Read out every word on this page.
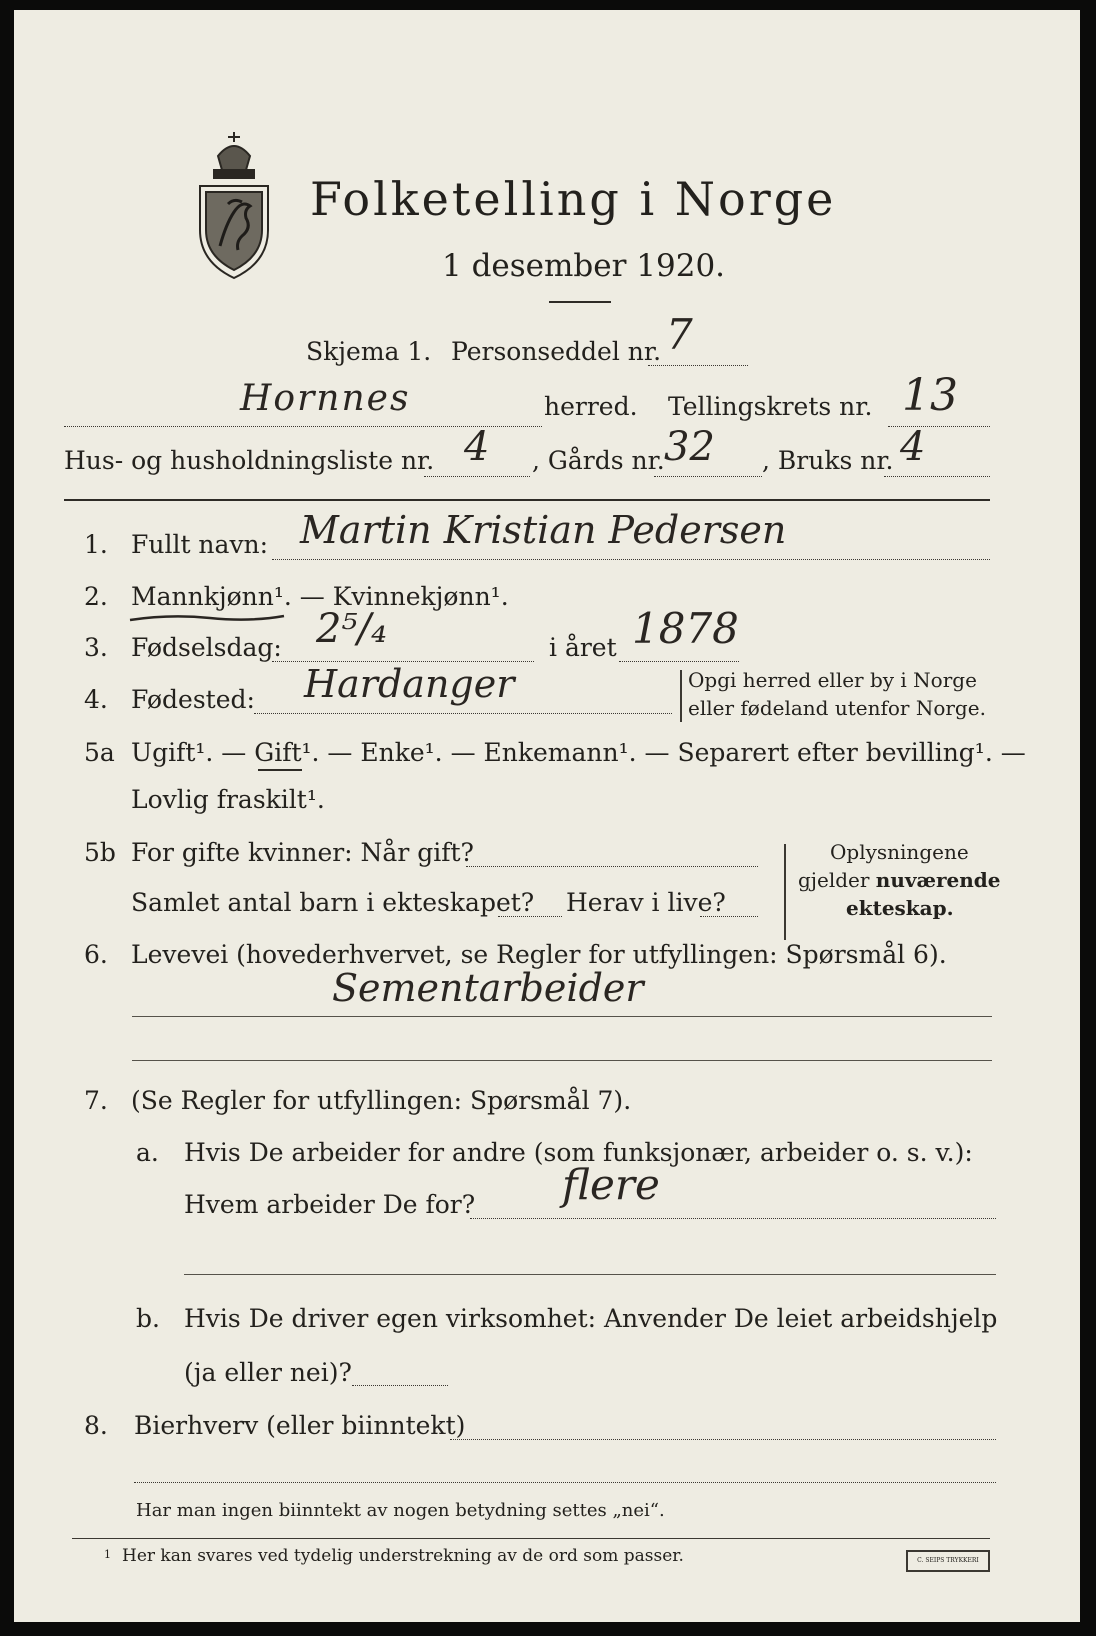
Folketelling i Norge
1 desember 1920.
Skjema 1. Personseddel nr. 7
Hornnes	herred. Tellingskrets nr. 13
Hus- og husholdningsliste nr. 4 , Gårds nr. 32 , Bruks nr. 4
1. Fullt navn: Martin Kristian Pedersen
2. Mannkjønn¹. — Kvinnekjønn¹.
3. Fødselsdag: 2⁵/₄	i året 1878
4. Fødested: Hardanger	Opgi herred eller by i Norge
eller fødeland utenfor Norge.
5a Ugift¹. — Gift¹. — Enke¹. — Enkemann¹. — Separert efter bevilling¹. —
Lovlig fraskilt¹.
5b For gifte kvinner: Når gift?
Samlet antal barn i ekteskapet? Herav i live?
Oplysningene
gjelder nuværende
ekteskap.
6. Levevei (hovederhvervet, se Regler for utfyllingen: Spørsmål 6).
Sementarbeider
7. (Se Regler for utfyllingen: Spørsmål 7).
a. Hvis De arbeider for andre (som funksjonær, arbeider o. s. v.):
Hvem arbeider De for? flere
b. Hvis De driver egen virksomhet: Anvender De leiet arbeidshjelp
(ja eller nei)?
8. Bierhverv (eller biinntekt)
Har man ingen biinntekt av nogen betydning settes „nei“.
1 Her kan svares ved tydelig understrekning av de ord som passer.	C. SEIPS TRYKKERI
